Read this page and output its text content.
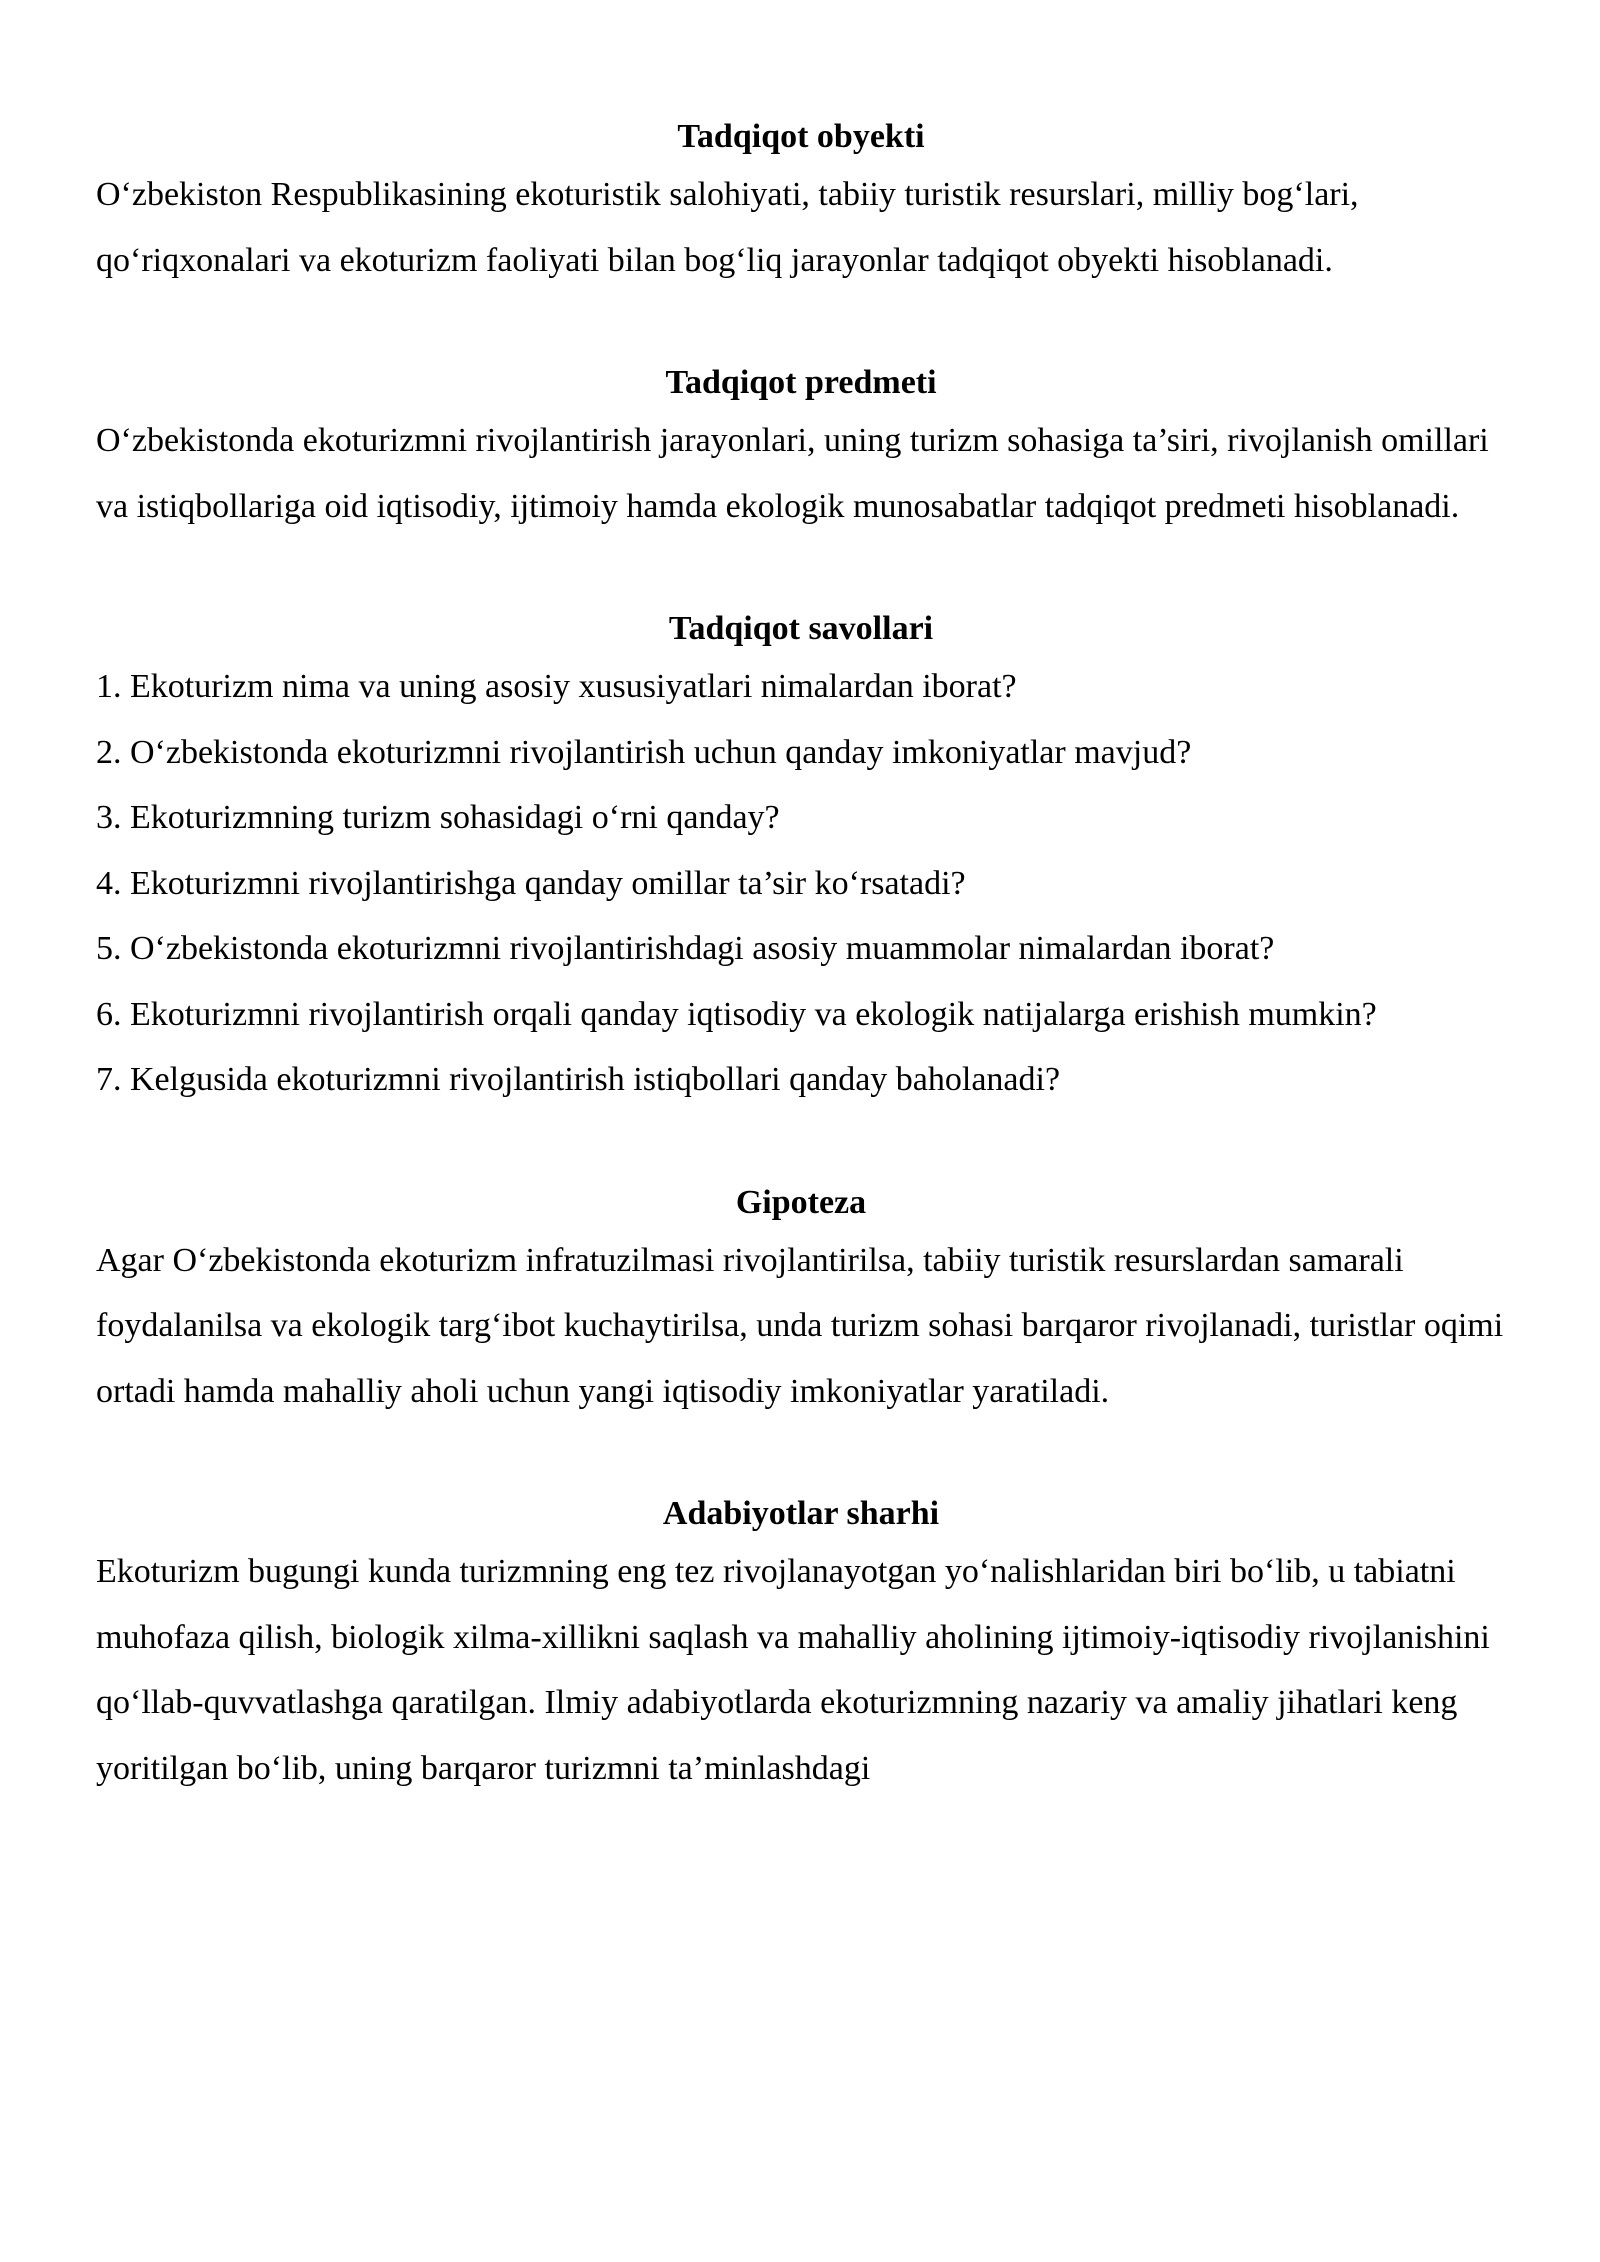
Tadqiqot obyekti

O‘zbekiston Respublikasining ekoturistik salohiyati, tabiiy turistik resurslari, milliy bog‘lari, qo‘riqxonalari va ekoturizm faoliyati bilan bog‘liq jarayonlar tadqiqot obyekti hisoblanadi.

Tadqiqot predmeti

O‘zbekistonda ekoturizmni rivojlantirish jarayonlari, uning turizm sohasiga ta’siri, rivojlanish omillari va istiqbollariga oid iqtisodiy, ijtimoiy hamda ekologik munosabatlar tadqiqot predmeti hisoblanadi.

Tadqiqot savollari
1. Ekoturizm nima va uning asosiy xususiyatlari nimalardan iborat?
2. O‘zbekistonda ekoturizmni rivojlantirish uchun qanday imkoniyatlar mavjud?
3. Ekoturizmning turizm sohasidagi o‘rni qanday?
4. Ekoturizmni rivojlantirishga qanday omillar ta’sir ko‘rsatadi?
5. O‘zbekistonda ekoturizmni rivojlantirishdagi asosiy muammolar nimalardan iborat?
6. Ekoturizmni rivojlantirish orqali qanday iqtisodiy va ekologik natijalarga erishish mumkin?
7. Kelgusida ekoturizmni rivojlantirish istiqbollari qanday baholanadi?
Gipoteza

Agar O‘zbekistonda ekoturizm infratuzilmasi rivojlantirilsa, tabiiy turistik resurslardan samarali foydalanilsa va ekologik targ‘ibot kuchaytirilsa, unda turizm sohasi barqaror rivojlanadi, turistlar oqimi ortadi hamda mahalliy aholi uchun yangi iqtisodiy imkoniyatlar yaratiladi.

Adabiyotlar sharhi

Ekoturizm bugungi kunda turizmning eng tez rivojlanayotgan yo‘nalishlaridan biri bo‘lib, u tabiatni muhofaza qilish, biologik xilma-xillikni saqlash va mahalliy aholining ijtimoiy-iqtisodiy rivojlanishini qo‘llab-quvvatlashga qaratilgan. Ilmiy adabiyotlarda ekoturizmning nazariy va amaliy jihatlari keng yoritilgan bo‘lib, uning barqaror turizmni ta’minlashdagi
